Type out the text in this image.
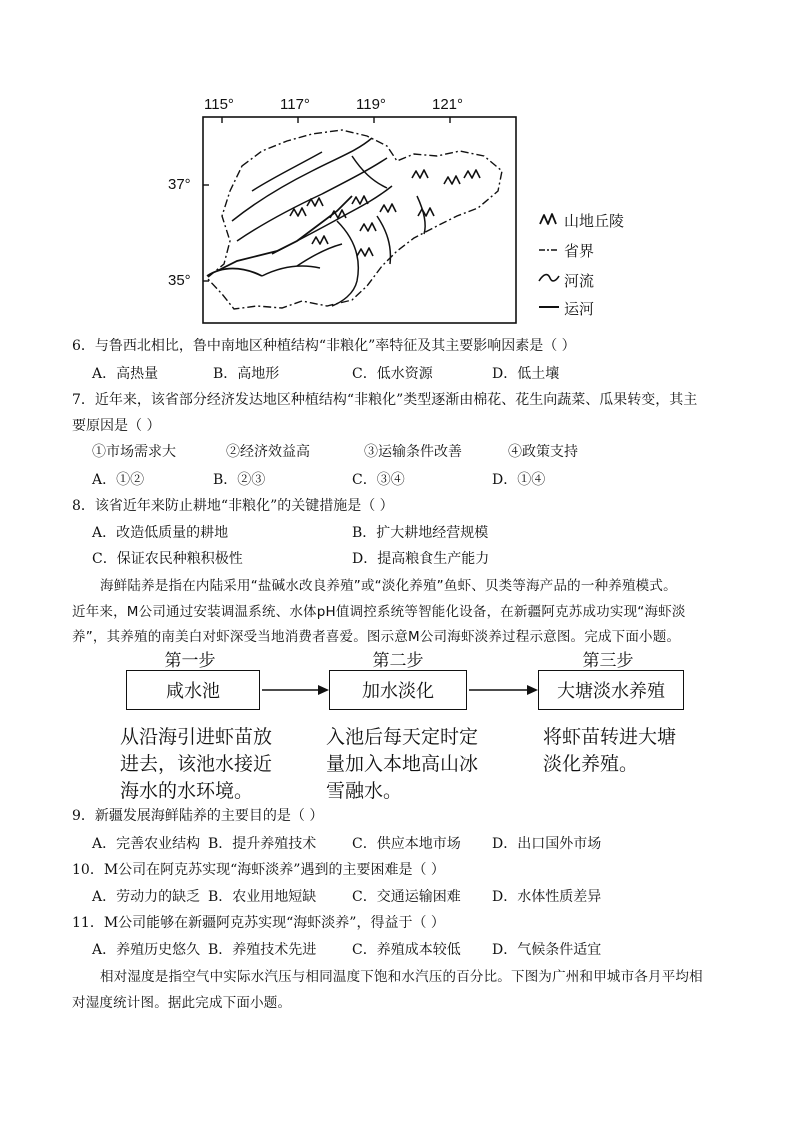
115°	117°	119°	121°
37°
35°
山地丘陵
省界
河流
运河
6．与鲁西北相比，鲁中南地区种植结构“非粮化”率特征及其主要影响因素是（ ）
A．高热量	B．高地形	C．低水资源	D．低土壤
7．近年来，该省部分经济发达地区种植结构“非粮化”类型逐渐由棉花、花生向蔬菜、瓜果转变，其主
要原因是（ ）
①市场需求大	②经济效益高	③运输条件改善	④政策支持
A．①②	B．②③	C．③④	D．①④
8．该省近年来防止耕地“非粮化”的关键措施是（ ）
A．改造低质量的耕地	B．扩大耕地经营规模
C．保证农民种粮积极性	D．提高粮食生产能力
海鲜陆养是指在内陆采用“盐碱水改良养殖”或“淡化养殖”鱼虾、贝类等海产品的一种养殖模式。
近年来，M公司通过安装调温系统、水体pH值调控系统等智能化设备，在新疆阿克苏成功实现“海虾淡
养”，其养殖的南美白对虾深受当地消费者喜爱。图示意M公司海虾淡养过程示意图。完成下面小题。
第一步	第二步	第三步
咸水池	加水淡化	大塘淡水养殖
从沿海引进虾苗放
进去，该池水接近
海水的水环境。
入池后每天定时定
量加入本地高山冰
雪融水。
将虾苗转进大塘
淡化养殖。
9．新疆发展海鲜陆养的主要目的是（ ）
A．完善农业结构 B．提升养殖技术	C．供应本地市场 D．出口国外市场
10．M公司在阿克苏实现“海虾淡养”遇到的主要困难是（ ）
A．劳动力的缺乏 B．农业用地短缺	C．交通运输困难 D．水体性质差异
11．M公司能够在新疆阿克苏实现“海虾淡养”，得益于（ ）
A．养殖历史悠久 B．养殖技术先进	C．养殖成本较低 D．气候条件适宜
相对湿度是指空气中实际水汽压与相同温度下饱和水汽压的百分比。下图为广州和甲城市各月平均相
对湿度统计图。据此完成下面小题。
